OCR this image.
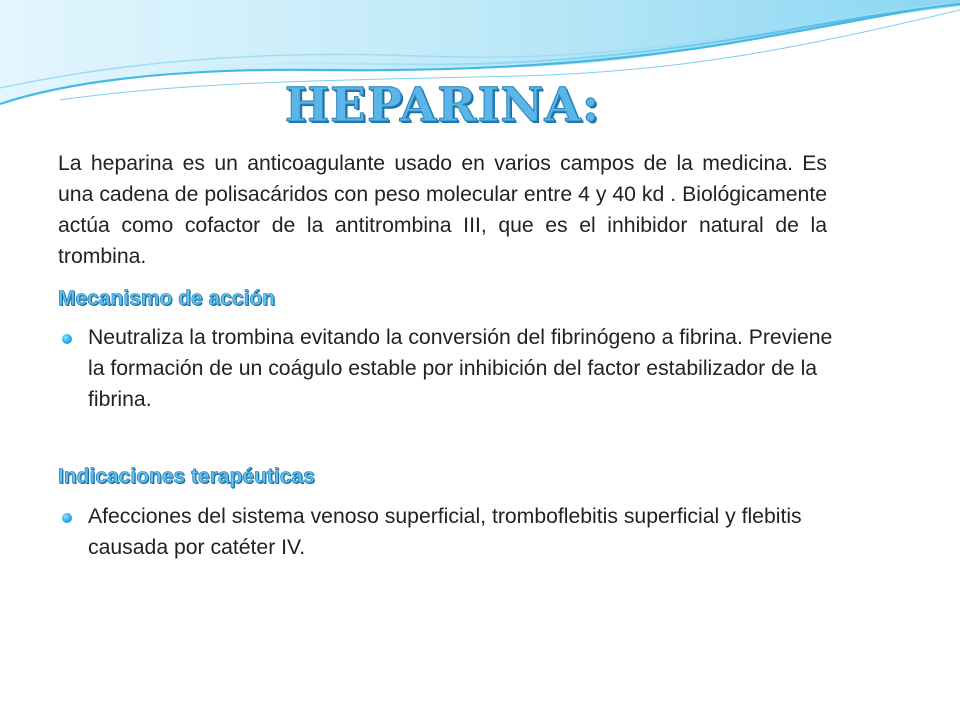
HEPARINA:

La heparina es un anticoagulante usado en varios campos de la medicina. Es una cadena de polisacáridos con peso molecular entre 4 y 40 kd . Biológicamente actúa como cofactor de la antitrombina III, que es el inhibidor natural de la trombina.

Mecanismo de acción
Neutraliza la trombina evitando la conversión del fibrinógeno a fibrina. Previene la formación de un coágulo estable por inhibición del factor estabilizador de la fibrina.
Indicaciones terapéuticas
Afecciones del sistema venoso superficial, tromboflebitis superficial y flebitis causada por catéter IV.
